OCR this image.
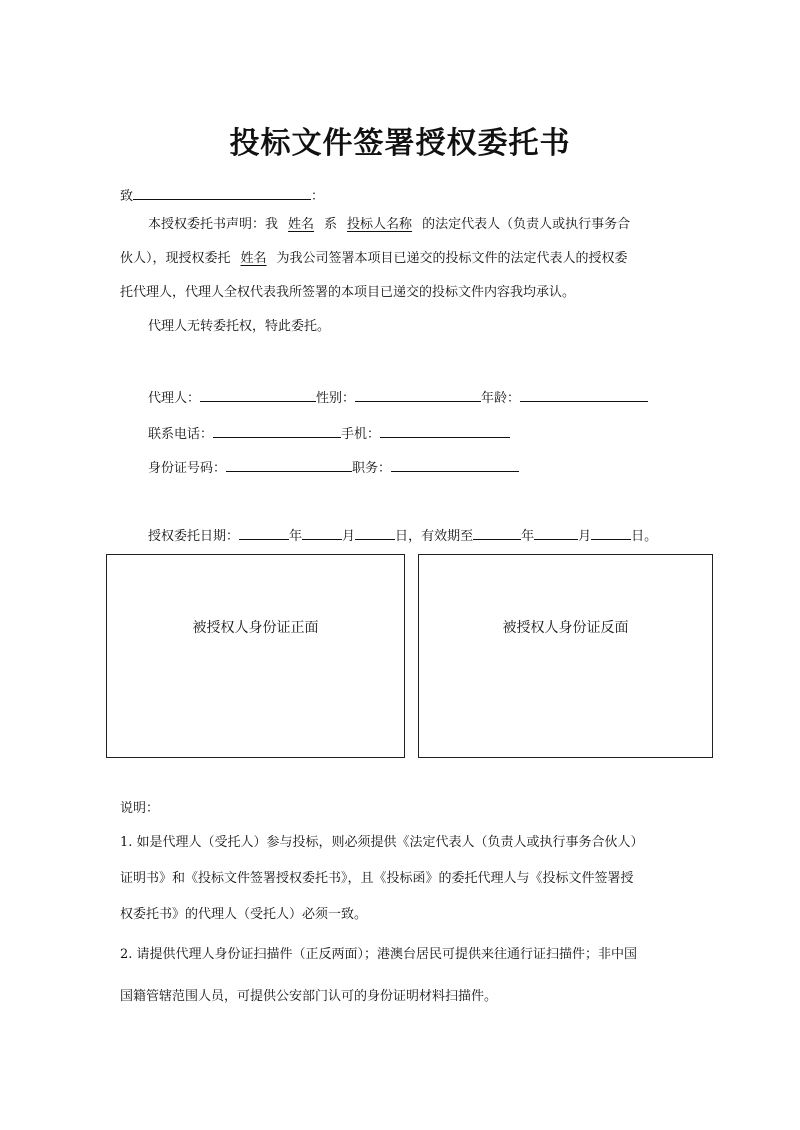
投标文件签署授权委托书
致	：
本授权委托书声明：我 姓名 系 投标人名称 的法定代表人（负责人或执行事务合
伙人），现授权委托 姓名 为我公司签署本项目已递交的投标文件的法定代表人的授权委
托代理人，代理人全权代表我所签署的本项目已递交的投标文件内容我均承认。
代理人无转委托权，特此委托。
代理人：	性别：	年龄：
联系电话：	手机：
身份证号码：	职务：
授权委托日期：	年	月	日，有效期至	年	月	日。
被授权人身份证正面	被授权人身份证反面
说明：
1. 如是代理人（受托人）参与投标，则必须提供《法定代表人（负责人或执行事务合伙人）
证明书》和《投标文件签署授权委托书》，且《投标函》的委托代理人与《投标文件签署授
权委托书》的代理人（受托人）必须一致。
2. 请提供代理人身份证扫描件（正反两面）；港澳台居民可提供来往通行证扫描件；非中国
国籍管辖范围人员，可提供公安部门认可的身份证明材料扫描件。
